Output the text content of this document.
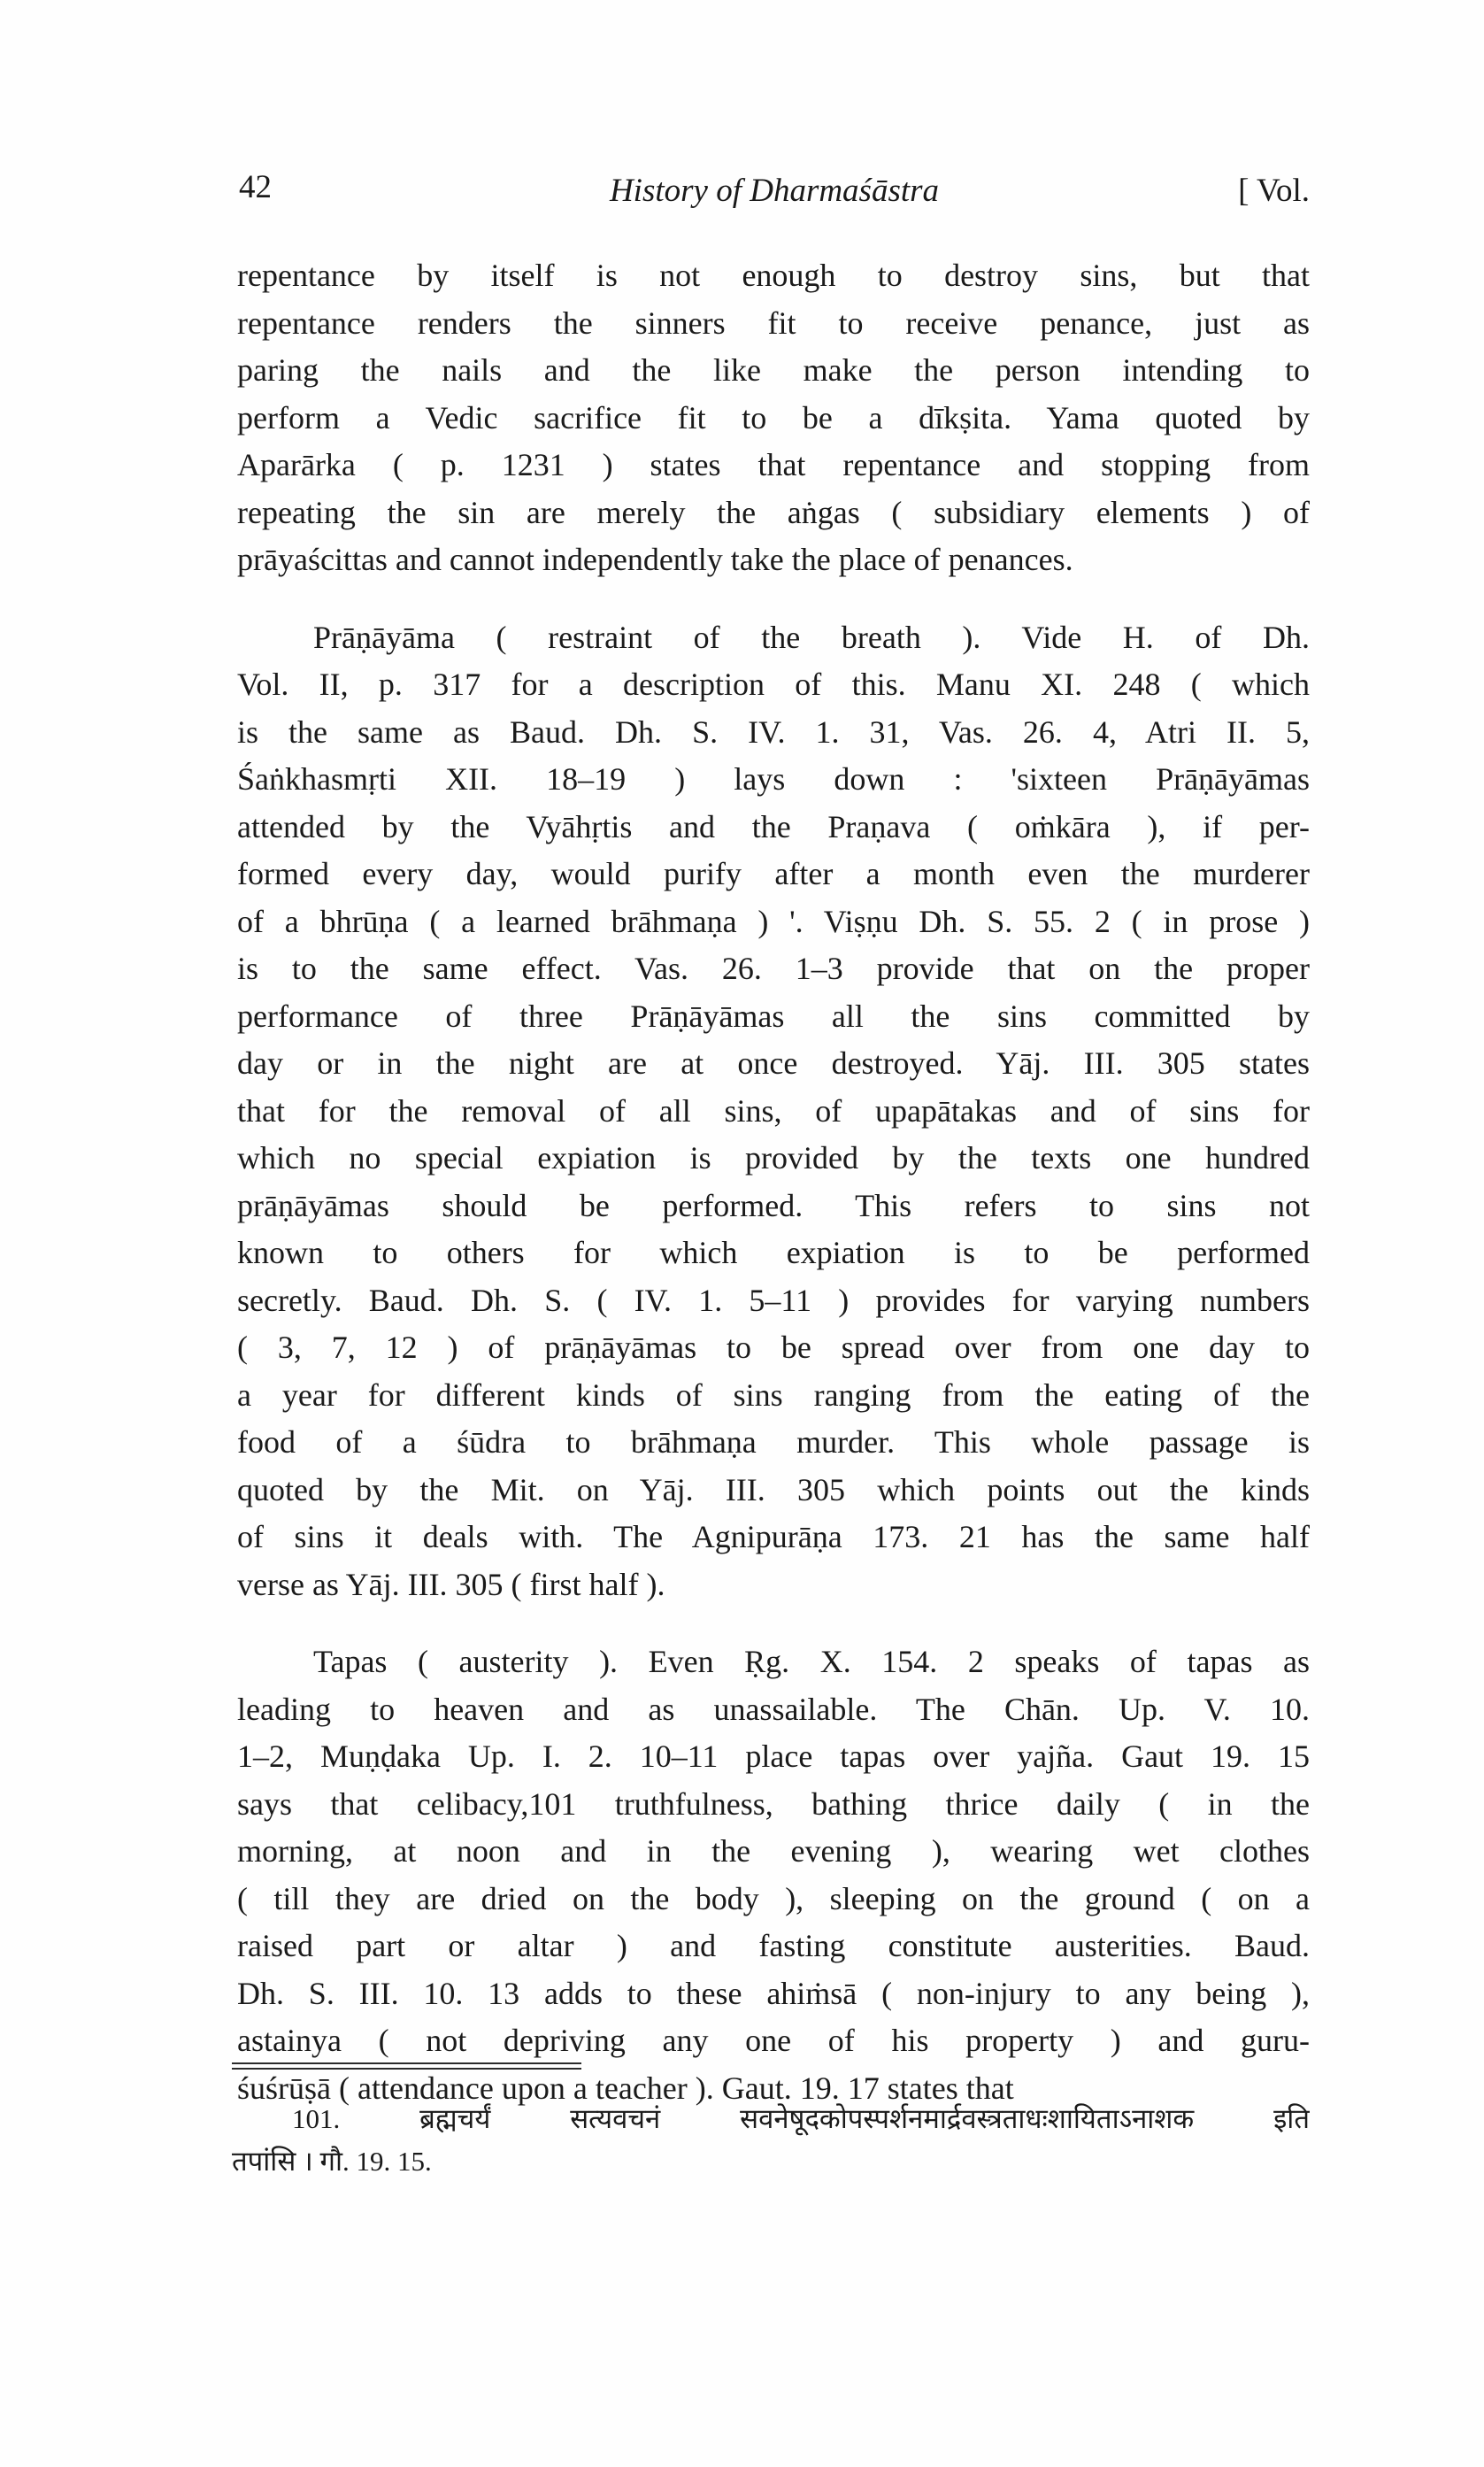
42	History of Dharmaśāstra	[ Vol.
repentance by itself is not enough to destroy sins, but that
repentance renders the sinners fit to receive penance, just as
paring the nails and the like make the person intending to
perform a Vedic sacrifice fit to be a dīkṣita. Yama quoted by
Aparārka ( p. 1231 ) states that repentance and stopping from
repeating the sin are merely the aṅgas ( subsidiary elements ) of
prāyaścittas and cannot independently take the place of penances.
Prāṇāyāma ( restraint of the breath ). Vide H. of Dh.
Vol. II, p. 317 for a description of this. Manu XI. 248 ( which
is the same as Baud. Dh. S. IV. 1. 31, Vas. 26. 4, Atri II. 5,
Śaṅkhasmṛti XII. 18–19 ) lays down : 'sixteen Prāṇāyāmas
attended by the Vyāhṛtis and the Praṇava ( oṁkāra ), if per-
formed every day, would purify after a month even the murderer
of a bhrūṇa ( a learned brāhmaṇa ) '. Viṣṇu Dh. S. 55. 2 ( in prose )
is to the same effect. Vas. 26. 1–3 provide that on the proper
performance of three Prāṇāyāmas all the sins committed by
day or in the night are at once destroyed. Yāj. III. 305 states
that for the removal of all sins, of upapātakas and of sins for
which no special expiation is provided by the texts one hundred
prāṇāyāmas should be performed. This refers to sins not
known to others for which expiation is to be performed
secretly. Baud. Dh. S. ( IV. 1. 5–11 ) provides for varying numbers
( 3, 7, 12 ) of prāṇāyāmas to be spread over from one day to
a year for different kinds of sins ranging from the eating of the
food of a śūdra to brāhmaṇa murder. This whole passage is
quoted by the Mit. on Yāj. III. 305 which points out the kinds
of sins it deals with. The Agnipurāṇa 173. 21 has the same half
verse as Yāj. III. 305 ( first half ).
Tapas ( austerity ). Even Ṛg. X. 154. 2 speaks of tapas as
leading to heaven and as unassailable. The Chān. Up. V. 10.
1–2, Muṇḍaka Up. I. 2. 10–11 place tapas over yajña. Gaut 19. 15
says that celibacy,101 truthfulness, bathing thrice daily ( in the
morning, at noon and in the evening ), wearing wet clothes
( till they are dried on the body ), sleeping on the ground ( on a
raised part or altar ) and fasting constitute austerities. Baud.
Dh. S. III. 10. 13 adds to these ahiṁsā ( non-injury to any being ),
astainya ( not depriving any one of his property ) and guru-
śuśrūṣā ( attendance upon a teacher ). Gaut. 19. 17 states that
101. ब्रह्मचर्यं सत्यवचनं सवनेषूदकोपस्पर्शनमार्द्रवस्त्रताधःशायिताऽनाशक इति
तपांसि । गौ. 19. 15.
